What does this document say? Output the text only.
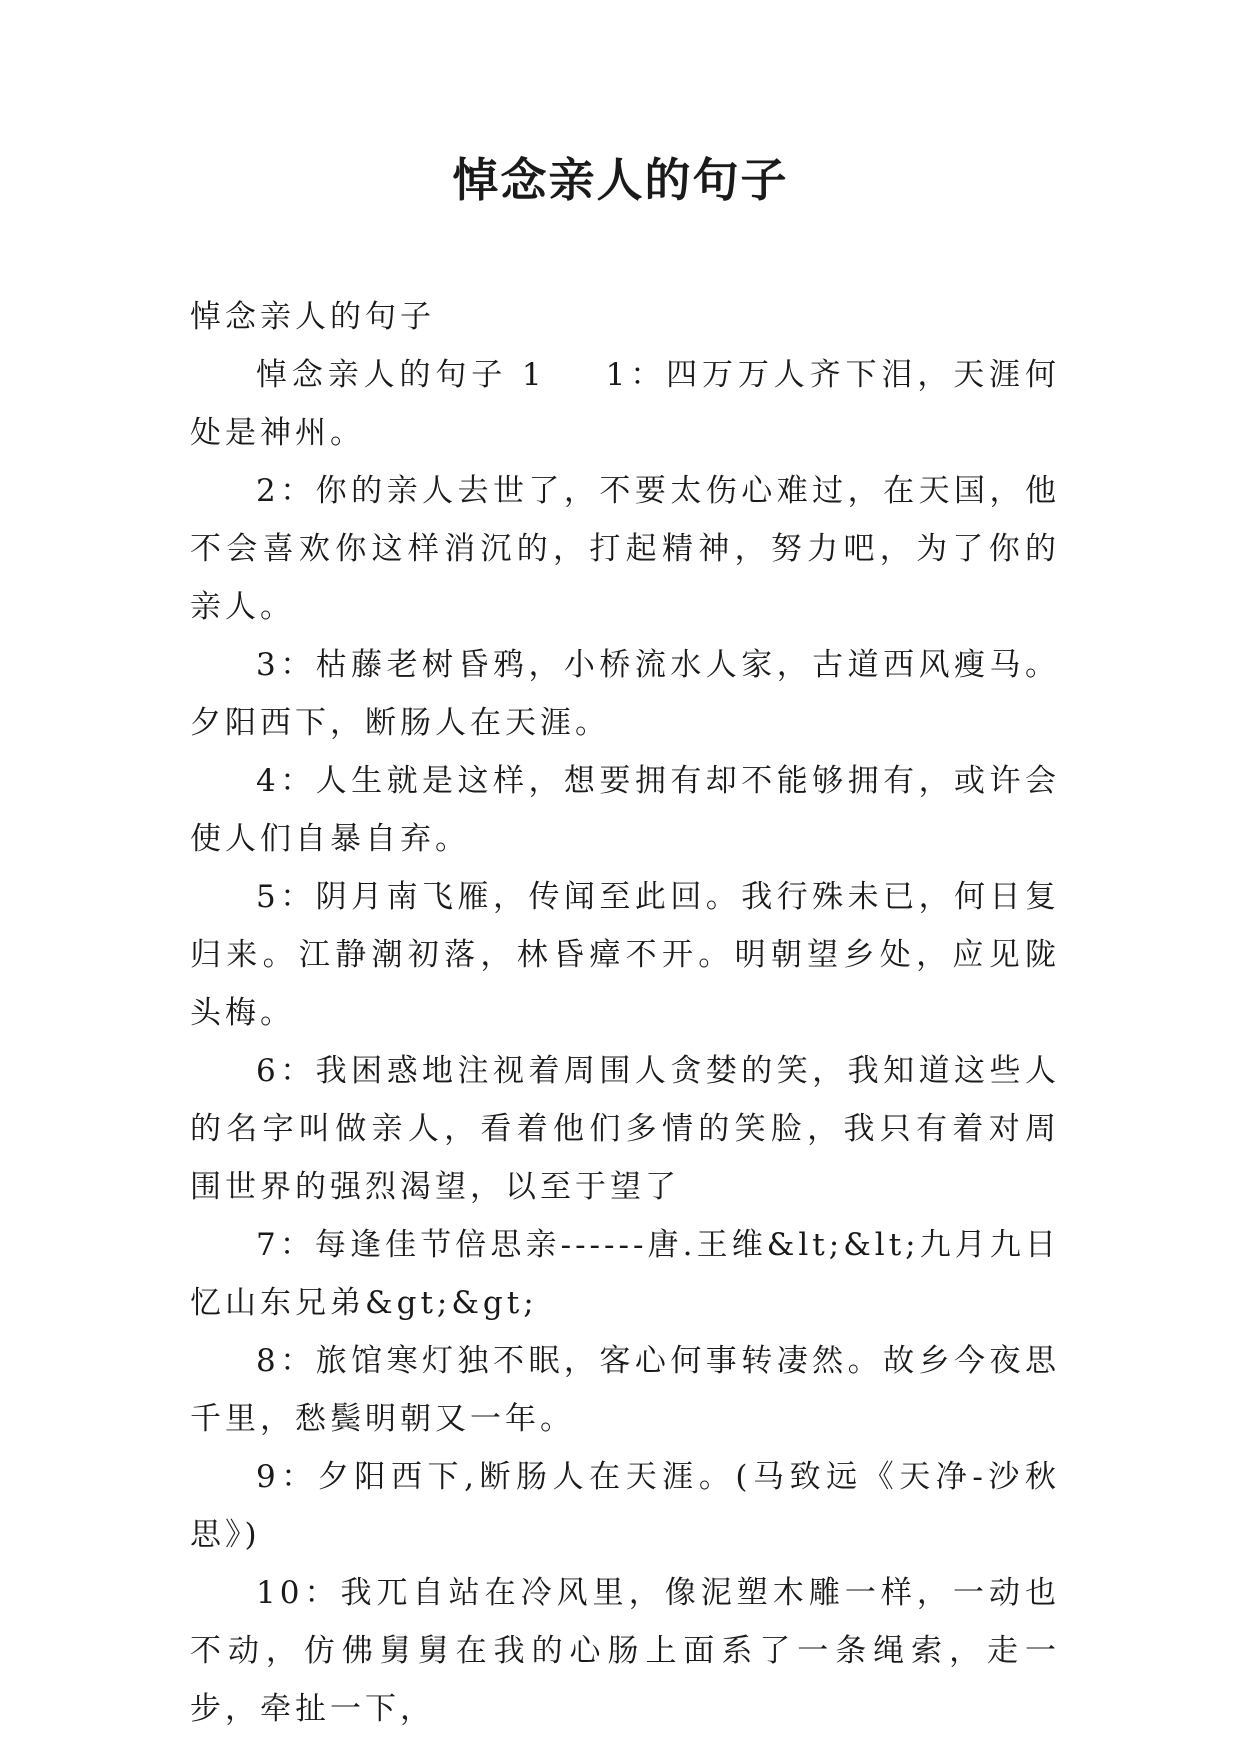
悼念亲人的句子

悼念亲人的句子

悼念亲人的句子 1 1：四万万人齐下泪，天涯何处是神州。

2：你的亲人去世了，不要太伤心难过，在天国，他不会喜欢你这样消沉的，打起精神，努力吧，为了你的亲人。

3：枯藤老树昏鸦，小桥流水人家，古道西风瘦马。夕阳西下，断肠人在天涯。

4：人生就是这样，想要拥有却不能够拥有，或许会使人们自暴自弃。

5：阴月南飞雁，传闻至此回。我行殊未已，何日复归来。江静潮初落，林昏瘴不开。明朝望乡处，应见陇头梅。

6：我困惑地注视着周围人贪婪的笑，我知道这些人的名字叫做亲人，看着他们多情的笑脸，我只有着对周围世界的强烈渴望，以至于望了

7：每逢佳节倍思亲------唐.王维&lt;&lt;九月九日忆山东兄弟&gt;&gt;

8：旅馆寒灯独不眠，客心何事转凄然。故乡今夜思千里，愁鬓明朝又一年。

9：夕阳西下,断肠人在天涯。(马致远《天净-沙秋思》)

10：我兀自站在冷风里，像泥塑木雕一样，一动也不动，仿佛舅舅在我的心肠上面系了一条绳索，走一步，牵扯一下，
